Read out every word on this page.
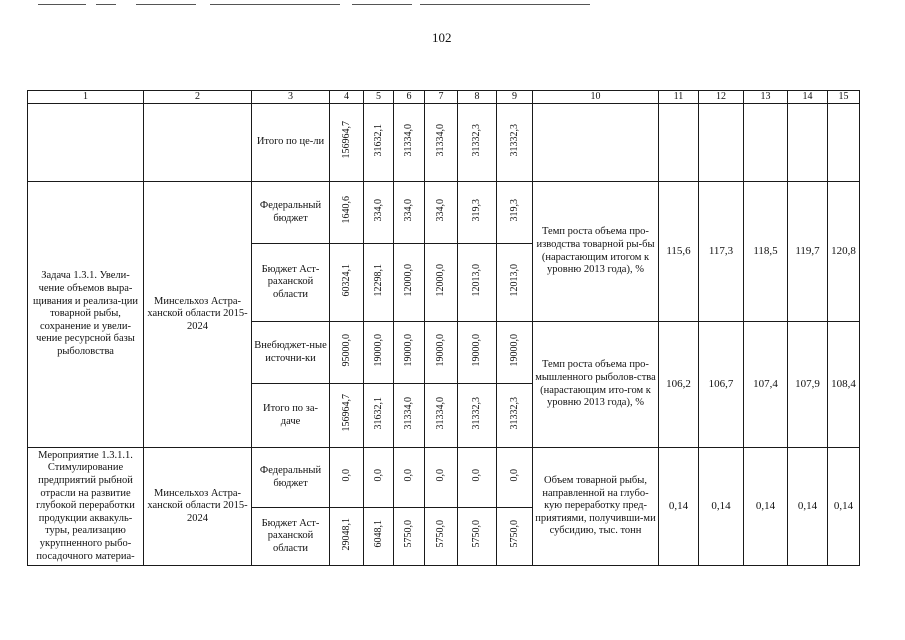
102
1	2	3	4	5	6	7	8	9	10	11	12	13	14	15
		Итого по це-ли	156964,7	31632,1	31334,0	31334,0	31332,3	31332,3						
Задача 1.3.1. Увели-чение объемов выра-щивания и реализа-ции товарной рыбы, сохранение и увели-чение ресурсной базы рыболовства	Минсельхоз Астра-ханской области 2015-2024	Федеральный бюджет	1640,6	334,0	334,0	334,0	319,3	319,3	Темп роста объема про-изводства товарной ры-бы (нарастающим итогом к уровню 2013 года), %	115,6	117,3	118,5	119,7	120,8
		Бюджет Аст-раханской области	60324,1	12298,1	12000,0	12000,0	12013,0	12013,0						
		Внебюджет-ные источни-ки	95000,0	19000,0	19000,0	19000,0	19000,0	19000,0	Темп роста объема про-мышленного рыболов-ства (нарастающим ито-гом к уровню 2013 года), %	106,2	106,7	107,4	107,9	108,4
		Итого по за-даче	156964,7	31632,1	31334,0	31334,0	31332,3	31332,3						
Мероприятие 1.3.1.1. Стимулирование предприятий рыбной отрасли на развитие глубокой переработки продукции аквакуль-туры, реализацию укрупненного рыбо-посадочного материа-	Минсельхоз Астра-ханской области 2015-2024	Федеральный бюджет	0,0	0,0	0,0	0,0	0,0	0,0	Объем товарной рыбы, направленной на глубо-кую переработку пред-приятиями, получивши-ми субсидию, тыс. тонн	0,14	0,14	0,14	0,14	0,14
		Бюджет Аст-раханской области	29048,1	6048,1	5750,0	5750,0	5750,0	5750,0						
